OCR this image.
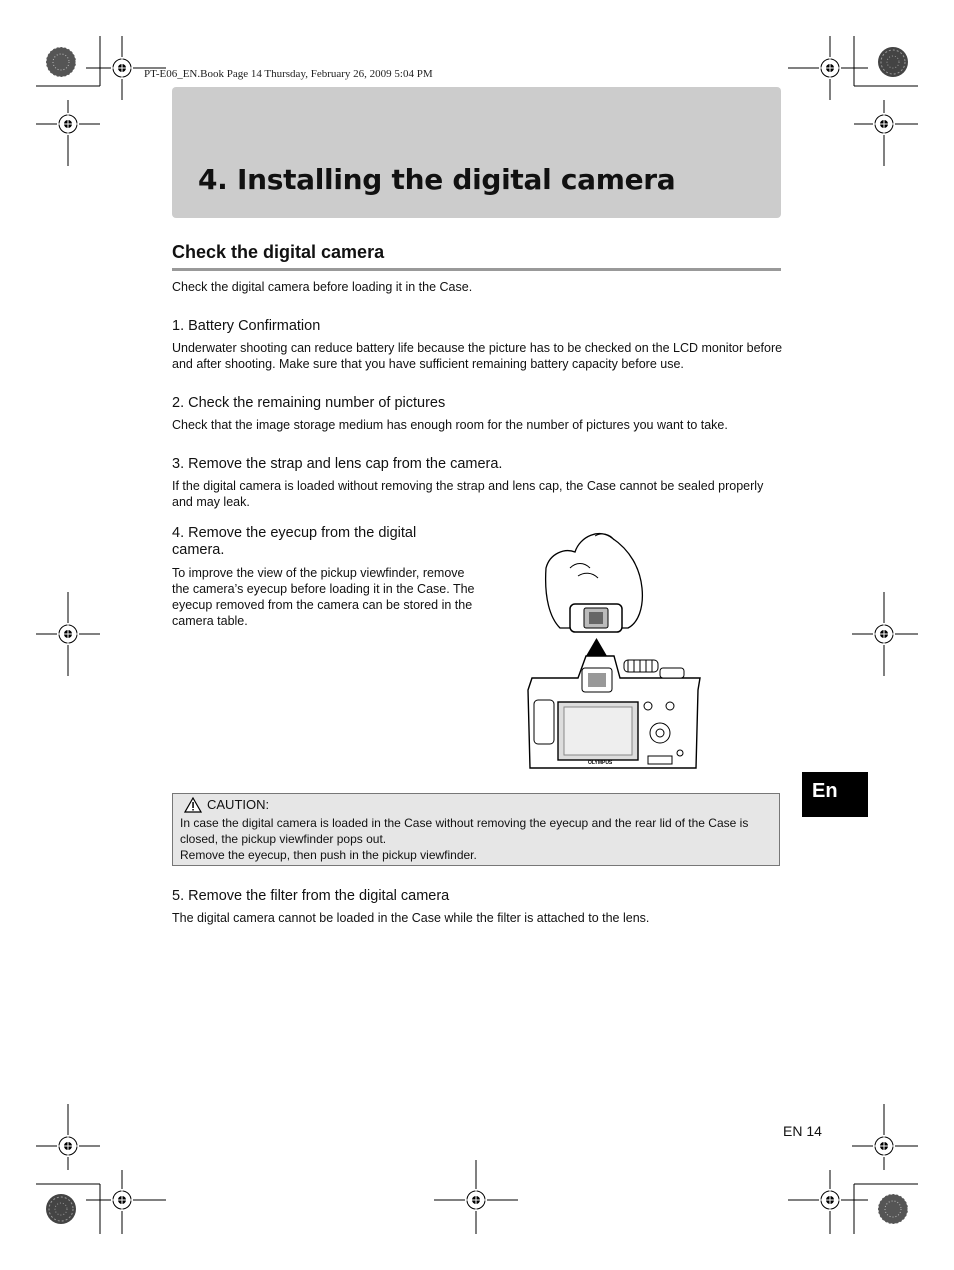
PT-E06_EN.Book Page 14 Thursday, February 26, 2009 5:04 PM
4. Installing the digital camera
Check the digital camera
Check the digital camera before loading it in the Case.
1. Battery Confirmation
Underwater shooting can reduce battery life because the picture has to be checked on the LCD monitor before and after shooting. Make sure that you have sufficient remaining battery capacity before use.
2. Check the remaining number of pictures
Check that the image storage medium has enough room for the number of pictures you want to take.
3. Remove the strap and lens cap from the camera.
If the digital camera is loaded without removing the strap and lens cap, the Case cannot be sealed properly and may leak.
4. Remove the eyecup from the digital camera.
To improve the view of the pickup viewfinder, remove the camera’s eyecup before loading it in the Case. The eyecup removed from the camera can be stored in the camera table.
OLYMPUS
CAUTION:
In case the digital camera is loaded in the Case without removing the eyecup and the rear lid of the Case is closed, the pickup viewfinder pops out.
Remove the eyecup, then push in the pickup viewfinder.
5. Remove the filter from the digital camera
The digital camera cannot be loaded in the Case while the filter is attached to the lens.
En
EN 14
